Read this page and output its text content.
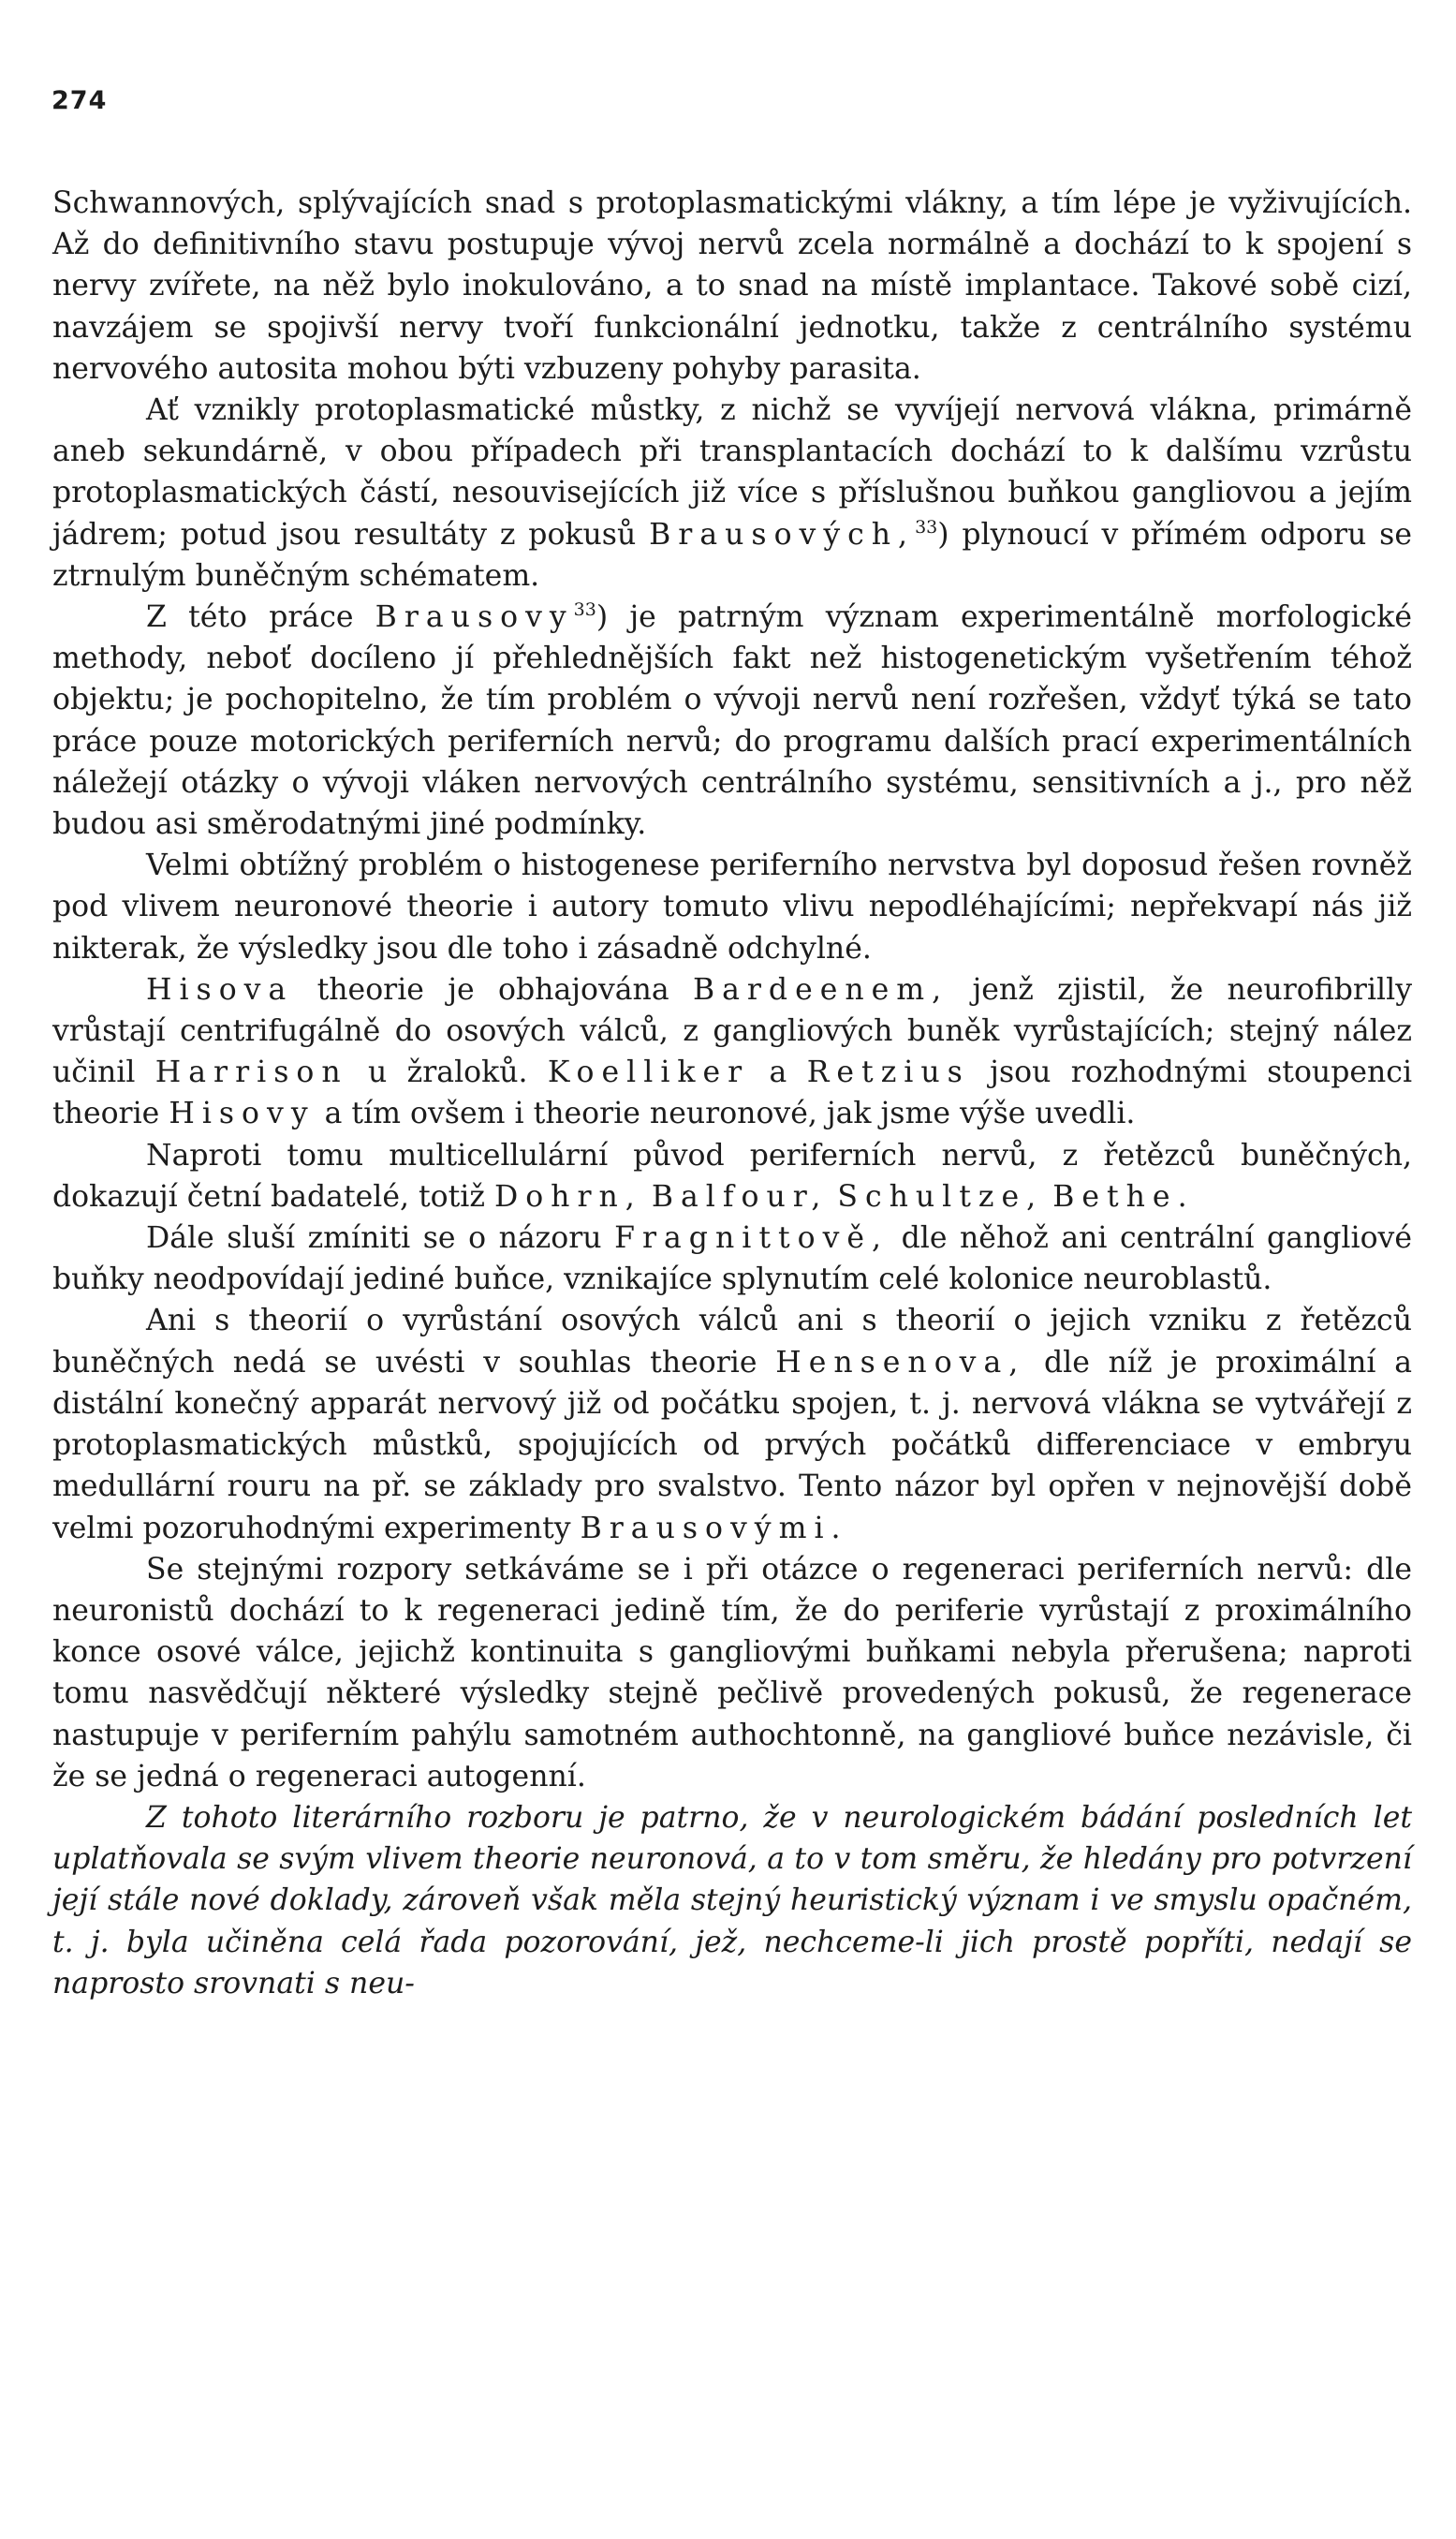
274

Schwannových, splývajících snad s protoplasmatickými vlákny, a tím lépe je vyživujících. Až do definitivního stavu postupuje vývoj nervů zcela normálně a dochází to k spojení s nervy zvířete, na něž bylo inokulováno, a to snad na místě implantace. Takové sobě cizí, navzájem se spojivší nervy tvoří funkcionální jednotku, takže z centrálního systému nervového autosita mohou býti vzbuzeny pohyby parasita.

Ať vznikly protoplasmatické můstky, z nichž se vyvíjejí nervová vlákna, primárně aneb sekundárně, v obou případech při transplantacích dochází to k dalšímu vzrůstu protoplasmatických částí, nesouvisejících již více s příslušnou buňkou gangliovou a jejím jádrem; potud jsou resultáty z pokusů Brausových,$^{33}$) plynoucí v přímém odporu se ztrnulým buněčným schématem.

Z této práce Brausovy$^{33}$) je patrným význam experimentálně morfologické methody, neboť docíleno jí přehlednějších fakt než histogenetickým vyšetřením téhož objektu; je pochopitelno, že tím problém o vývoji nervů není rozřešen, vždyť týká se tato práce pouze motorických periferních nervů; do programu dalších prací experimentálních náležejí otázky o vývoji vláken nervových centrálního systému, sensitivních a j., pro něž budou asi směrodatnými jiné podmínky.

Velmi obtížný problém o histogenese periferního nervstva byl doposud řešen rovněž pod vlivem neuronové theorie i autory tomuto vlivu nepodléhajícími; nepřekvapí nás již nikterak, že výsledky jsou dle toho i zásadně odchylné.

Hisova theorie je obhajována Bardeenem, jenž zjistil, že neurofibrilly vrůstají centrifugálně do osových válců, z gangliových buněk vyrůstajících; stejný nález učinil Harrison u žraloků. Koelliker a Retzius jsou rozhodnými stoupenci theorie Hisovy a tím ovšem i theorie neuronové, jak jsme výše uvedli.

Naproti tomu multicellulární původ periferních nervů, z řetězců buněčných, dokazují četní badatelé, totiž Dohrn, Balfour, Schultze, Bethe.

Dále sluší zmíniti se o názoru Fragnittově, dle něhož ani centrální gangliové buňky neodpovídají jediné buňce, vznikajíce splynutím celé kolonice neuroblastů.

Ani s theorií o vyrůstání osových válců ani s theorií o jejich vzniku z řetězců buněčných nedá se uvésti v souhlas theorie Hensenova, dle níž je proximální a distální konečný apparát nervový již od počátku spojen, t. j. nervová vlákna se vytvářejí z protoplasmatických můstků, spojujících od prvých počátků differenciace v embryu medullární rouru na př. se základy pro svalstvo. Tento názor byl opřen v nejnovější době velmi pozoruhodnými experimenty Brausovými.

Se stejnými rozpory setkáváme se i při otázce o regeneraci periferních nervů: dle neuronistů dochází to k regeneraci jedině tím, že do periferie vyrůstají z proximálního konce osové válce, jejichž kontinuita s gangliovými buňkami nebyla přerušena; naproti tomu nasvědčují některé výsledky stejně pečlivě provedených pokusů, že regenerace nastupuje v periferním pahýlu samotném authochtonně, na gangliové buňce nezávisle, či že se jedná o regeneraci autogenní.

Z tohoto literárního rozboru je patrno, že v neurologickém bádání posledních let uplatňovala se svým vlivem theorie neuronová, a to v tom směru, že hledány pro potvrzení její stále nové doklady, zároveň však měla stejný heuristický význam i ve smyslu opačném, t. j. byla učiněna celá řada pozorování, jež, nechceme-li jich prostě popříti, nedají se naprosto srovnati s neu-
